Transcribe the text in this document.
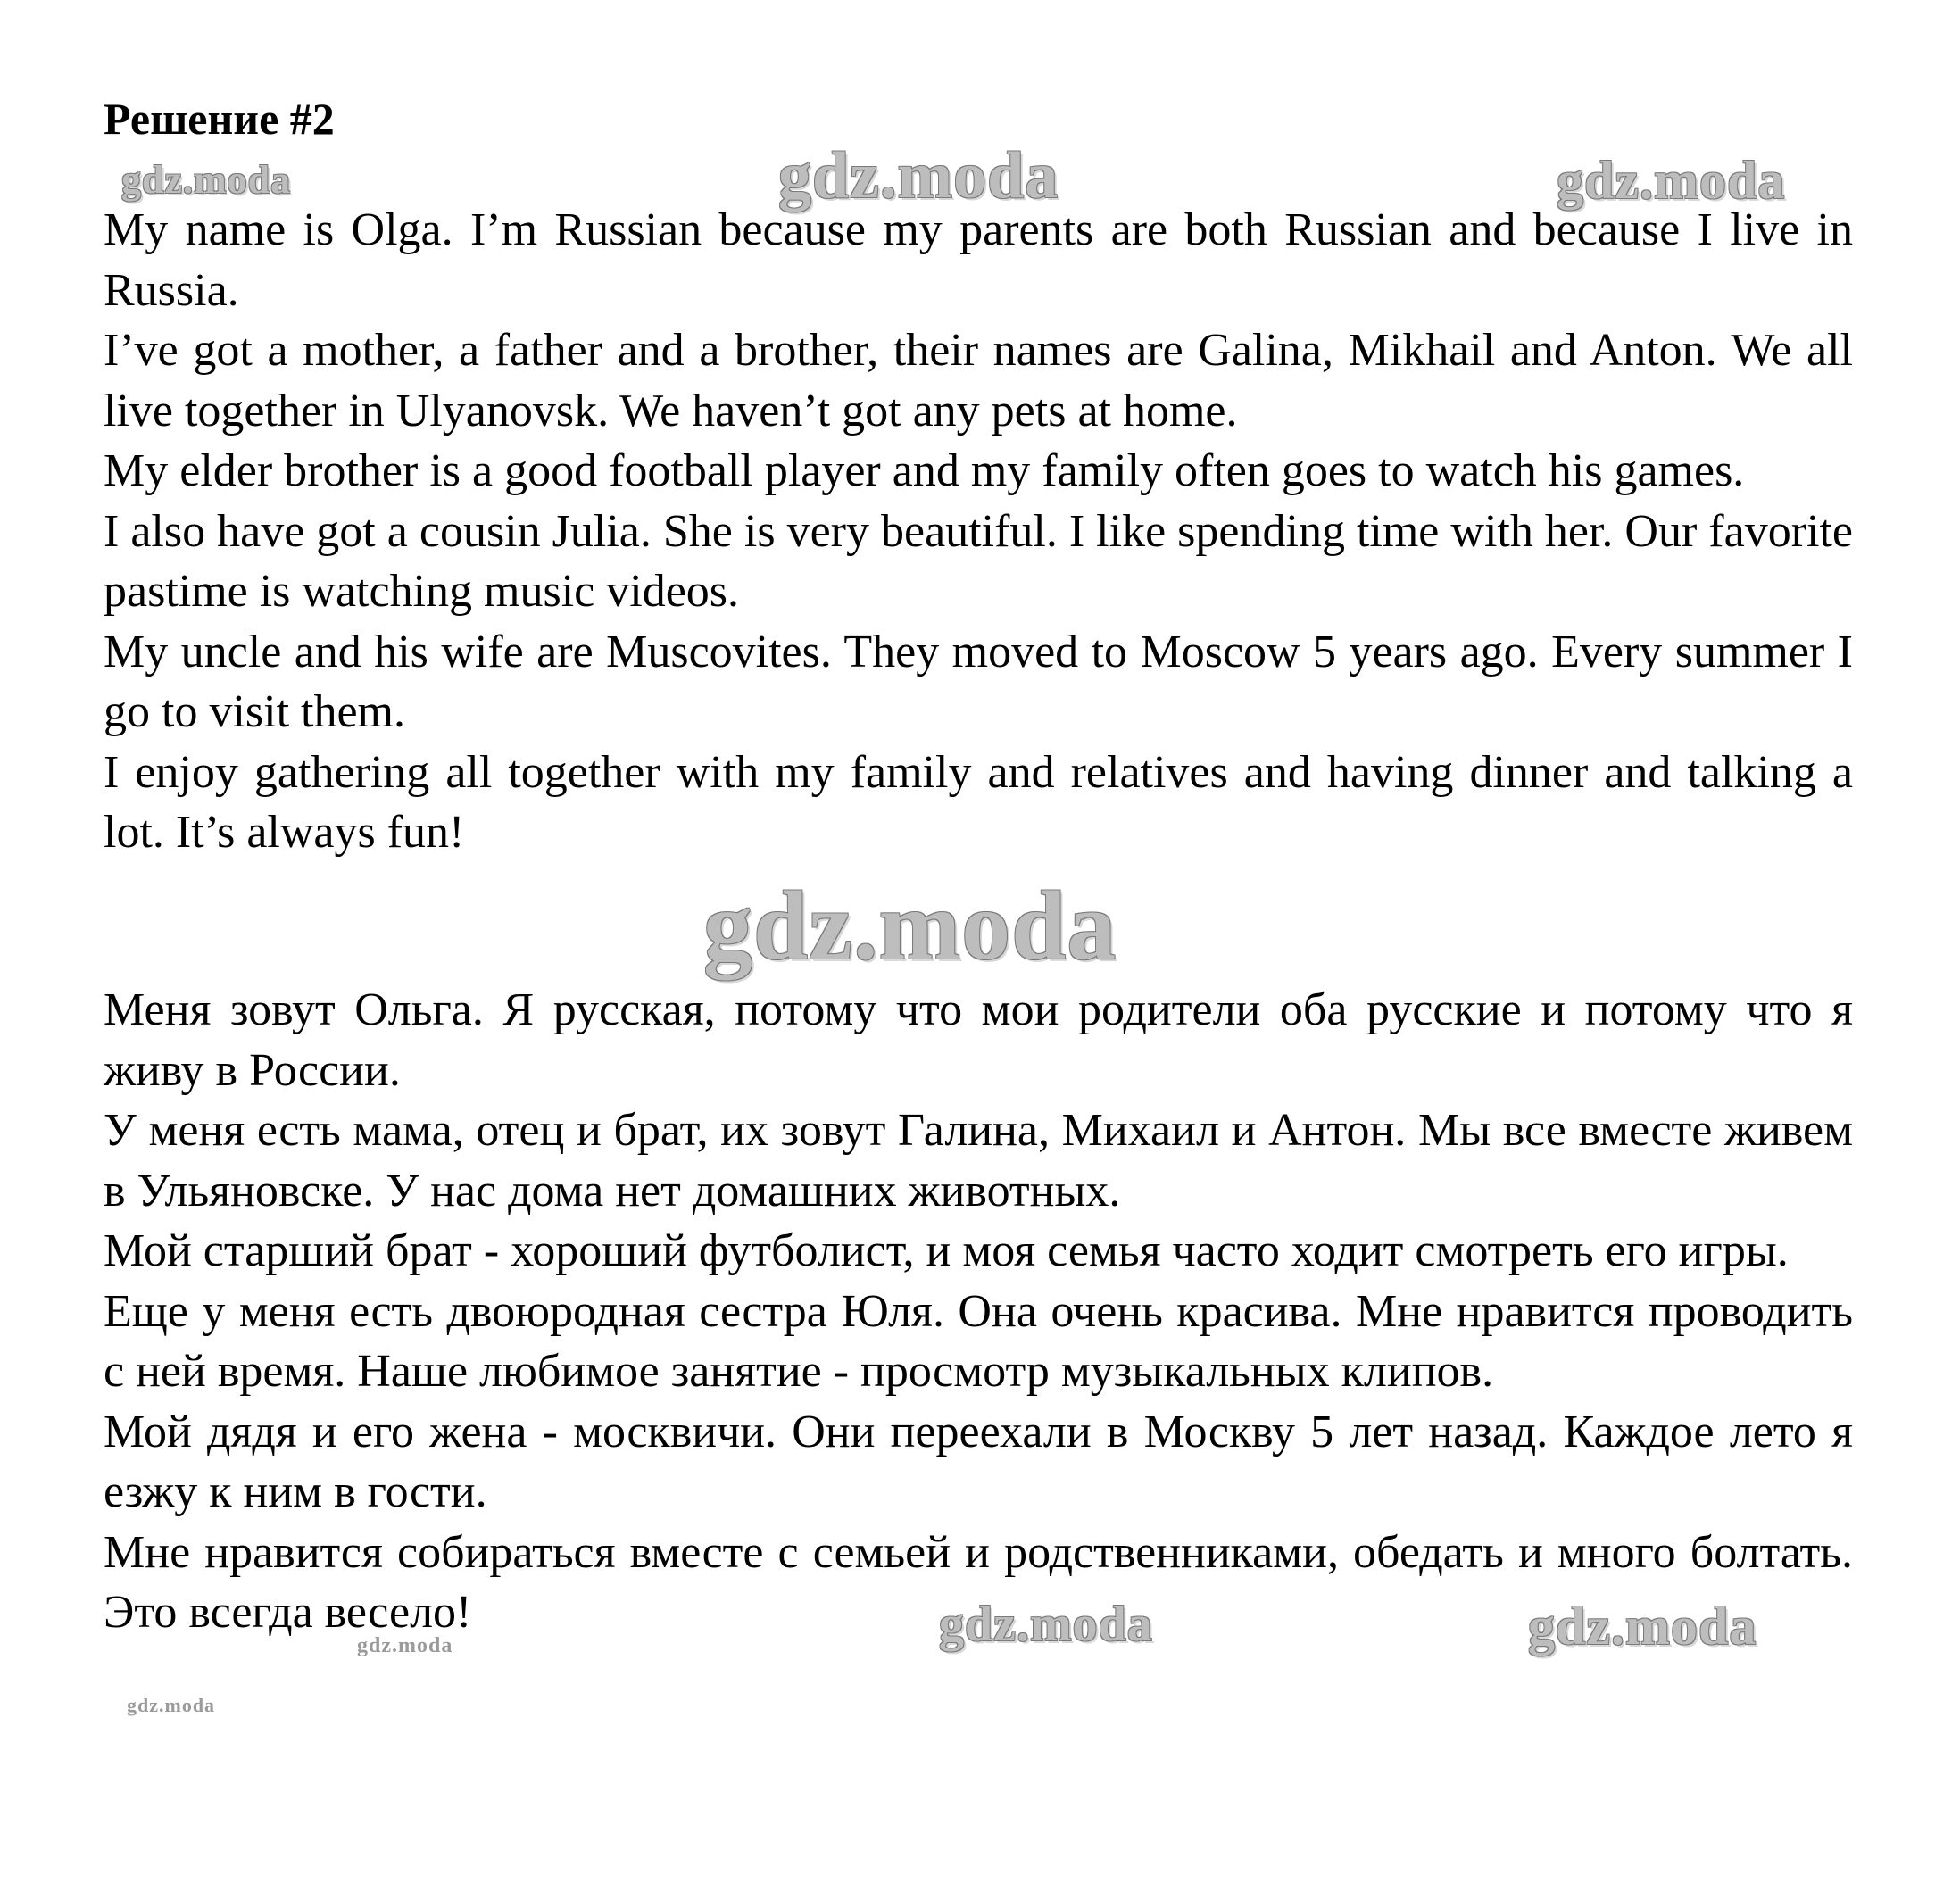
Решение #2

My name is Olga. I’m Russian because my parents are both Russian and because I live in Russia.

I’ve got a mother, a father and a brother, their names are Galina, Mikhail and Anton. We all live together in Ulyanovsk. We haven’t got any pets at home.

My elder brother is a good football player and my family often goes to watch his games.

I also have got a cousin Julia. She is very beautiful. I like spending time with her. Our favorite pastime is watching music videos.

My uncle and his wife are Muscovites. They moved to Moscow 5 years ago. Every summer I go to visit them.

I enjoy gathering all together with my family and relatives and having dinner and talking a lot. It’s always fun!

Меня зовут Ольга. Я русская, потому что мои родители оба русские и потому что я живу в России.

У меня есть мама, отец и брат, их зовут Галина, Михаил и Антон. Мы все вместе живем в Ульяновске. У нас дома нет домашних животных.

Мой старший брат - хороший футболист, и моя семья часто ходит смотреть его игры.

Еще у меня есть двоюродная сестра Юля. Она очень красива. Мне нравится проводить с ней время. Наше любимое занятие - просмотр музыкальных клипов.

Мой дядя и его жена - москвичи. Они переехали в Москву 5 лет назад. Каждое лето я езжу к ним в гости.

Мне нравится собираться вместе с семьей и родственниками, обедать и много болтать. Это всегда весело!

gdz.moda	gdz.moda	gdz.moda
gdz.moda
gdz.moda	gdz.moda
gdz.moda
gdz.moda
